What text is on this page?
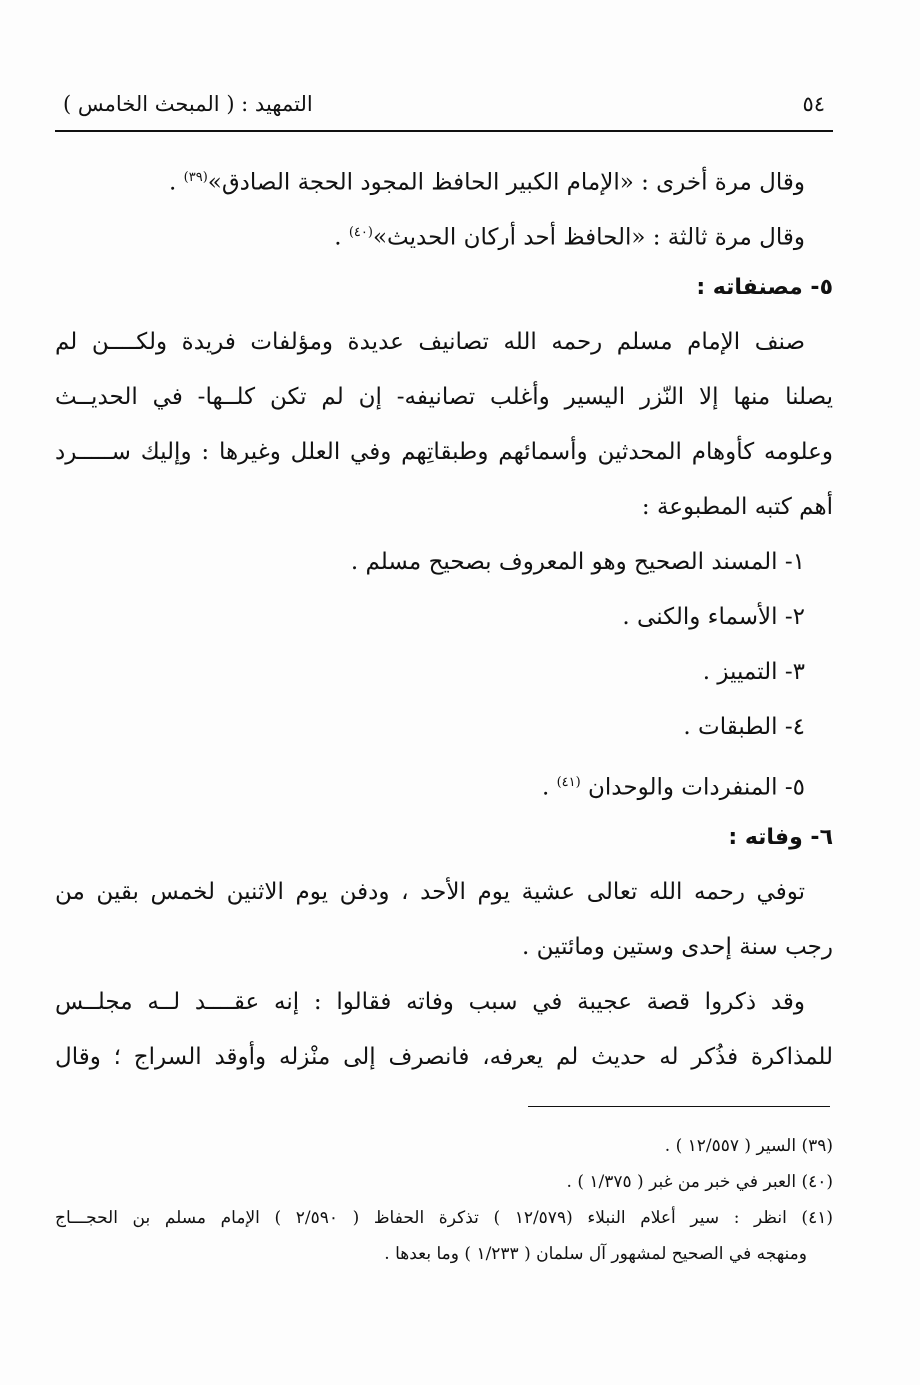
٥٤
التمهيد : ( المبحث الخامس )
وقال مرة أخرى : «الإمام الكبير الحافظ المجود الحجة الصادق»$^{(٣٩)}$ .
وقال مرة ثالثة : «الحافظ أحد أركان الحديث»$^{(٤٠)}$ .
٥- مصنفاته :
صنف الإمام مسلم رحمه الله تصانيف عديدة ومؤلفات فريدة ولكــــن لم
يصلنا منها إلا النّزر اليسير وأغلب تصانيفه- إن لم تكن كلــها- في الحديــث
وعلومه كأوهام المحدثين وأسمائهم وطبقاتِهم وفي العلل وغيرها : وإليك ســـــرد
أهم كتبه المطبوعة :
١- المسند الصحيح وهو المعروف بصحيح مسلم .
٢- الأسماء والكنى .
٣- التمييز .
٤- الطبقات .
٥- المنفردات والوحدان $^{(٤١)}$ .
٦- وفاته :
توفي رحمه الله تعالى عشية يوم الأحد ، ودفن يوم الاثنين لخمس بقين من
رجب سنة إحدى وستين ومائتين .
وقد ذكروا قصة عجيبة في سبب وفاته فقالوا : إنه عقــــد لــه مجلــس
للمذاكرة فذُكر له حديث لم يعرفه، فانصرف إلى منْزله وأوقد السراج ؛ وقال
(٣٩) السير ( ١٢/٥٥٧ ) .
(٤٠) العبر في خبر من غبر ( ١/٣٧٥ ) .
(٤١) انظر : سير أعلام النبلاء (١٢/٥٧٩ ) تذكرة الحفاظ ( ٢/٥٩٠ ) الإمام مسلم بن الحجـــاج
ومنهجه في الصحيح لمشهور آل سلمان ( ١/٢٣٣ ) وما بعدها .
